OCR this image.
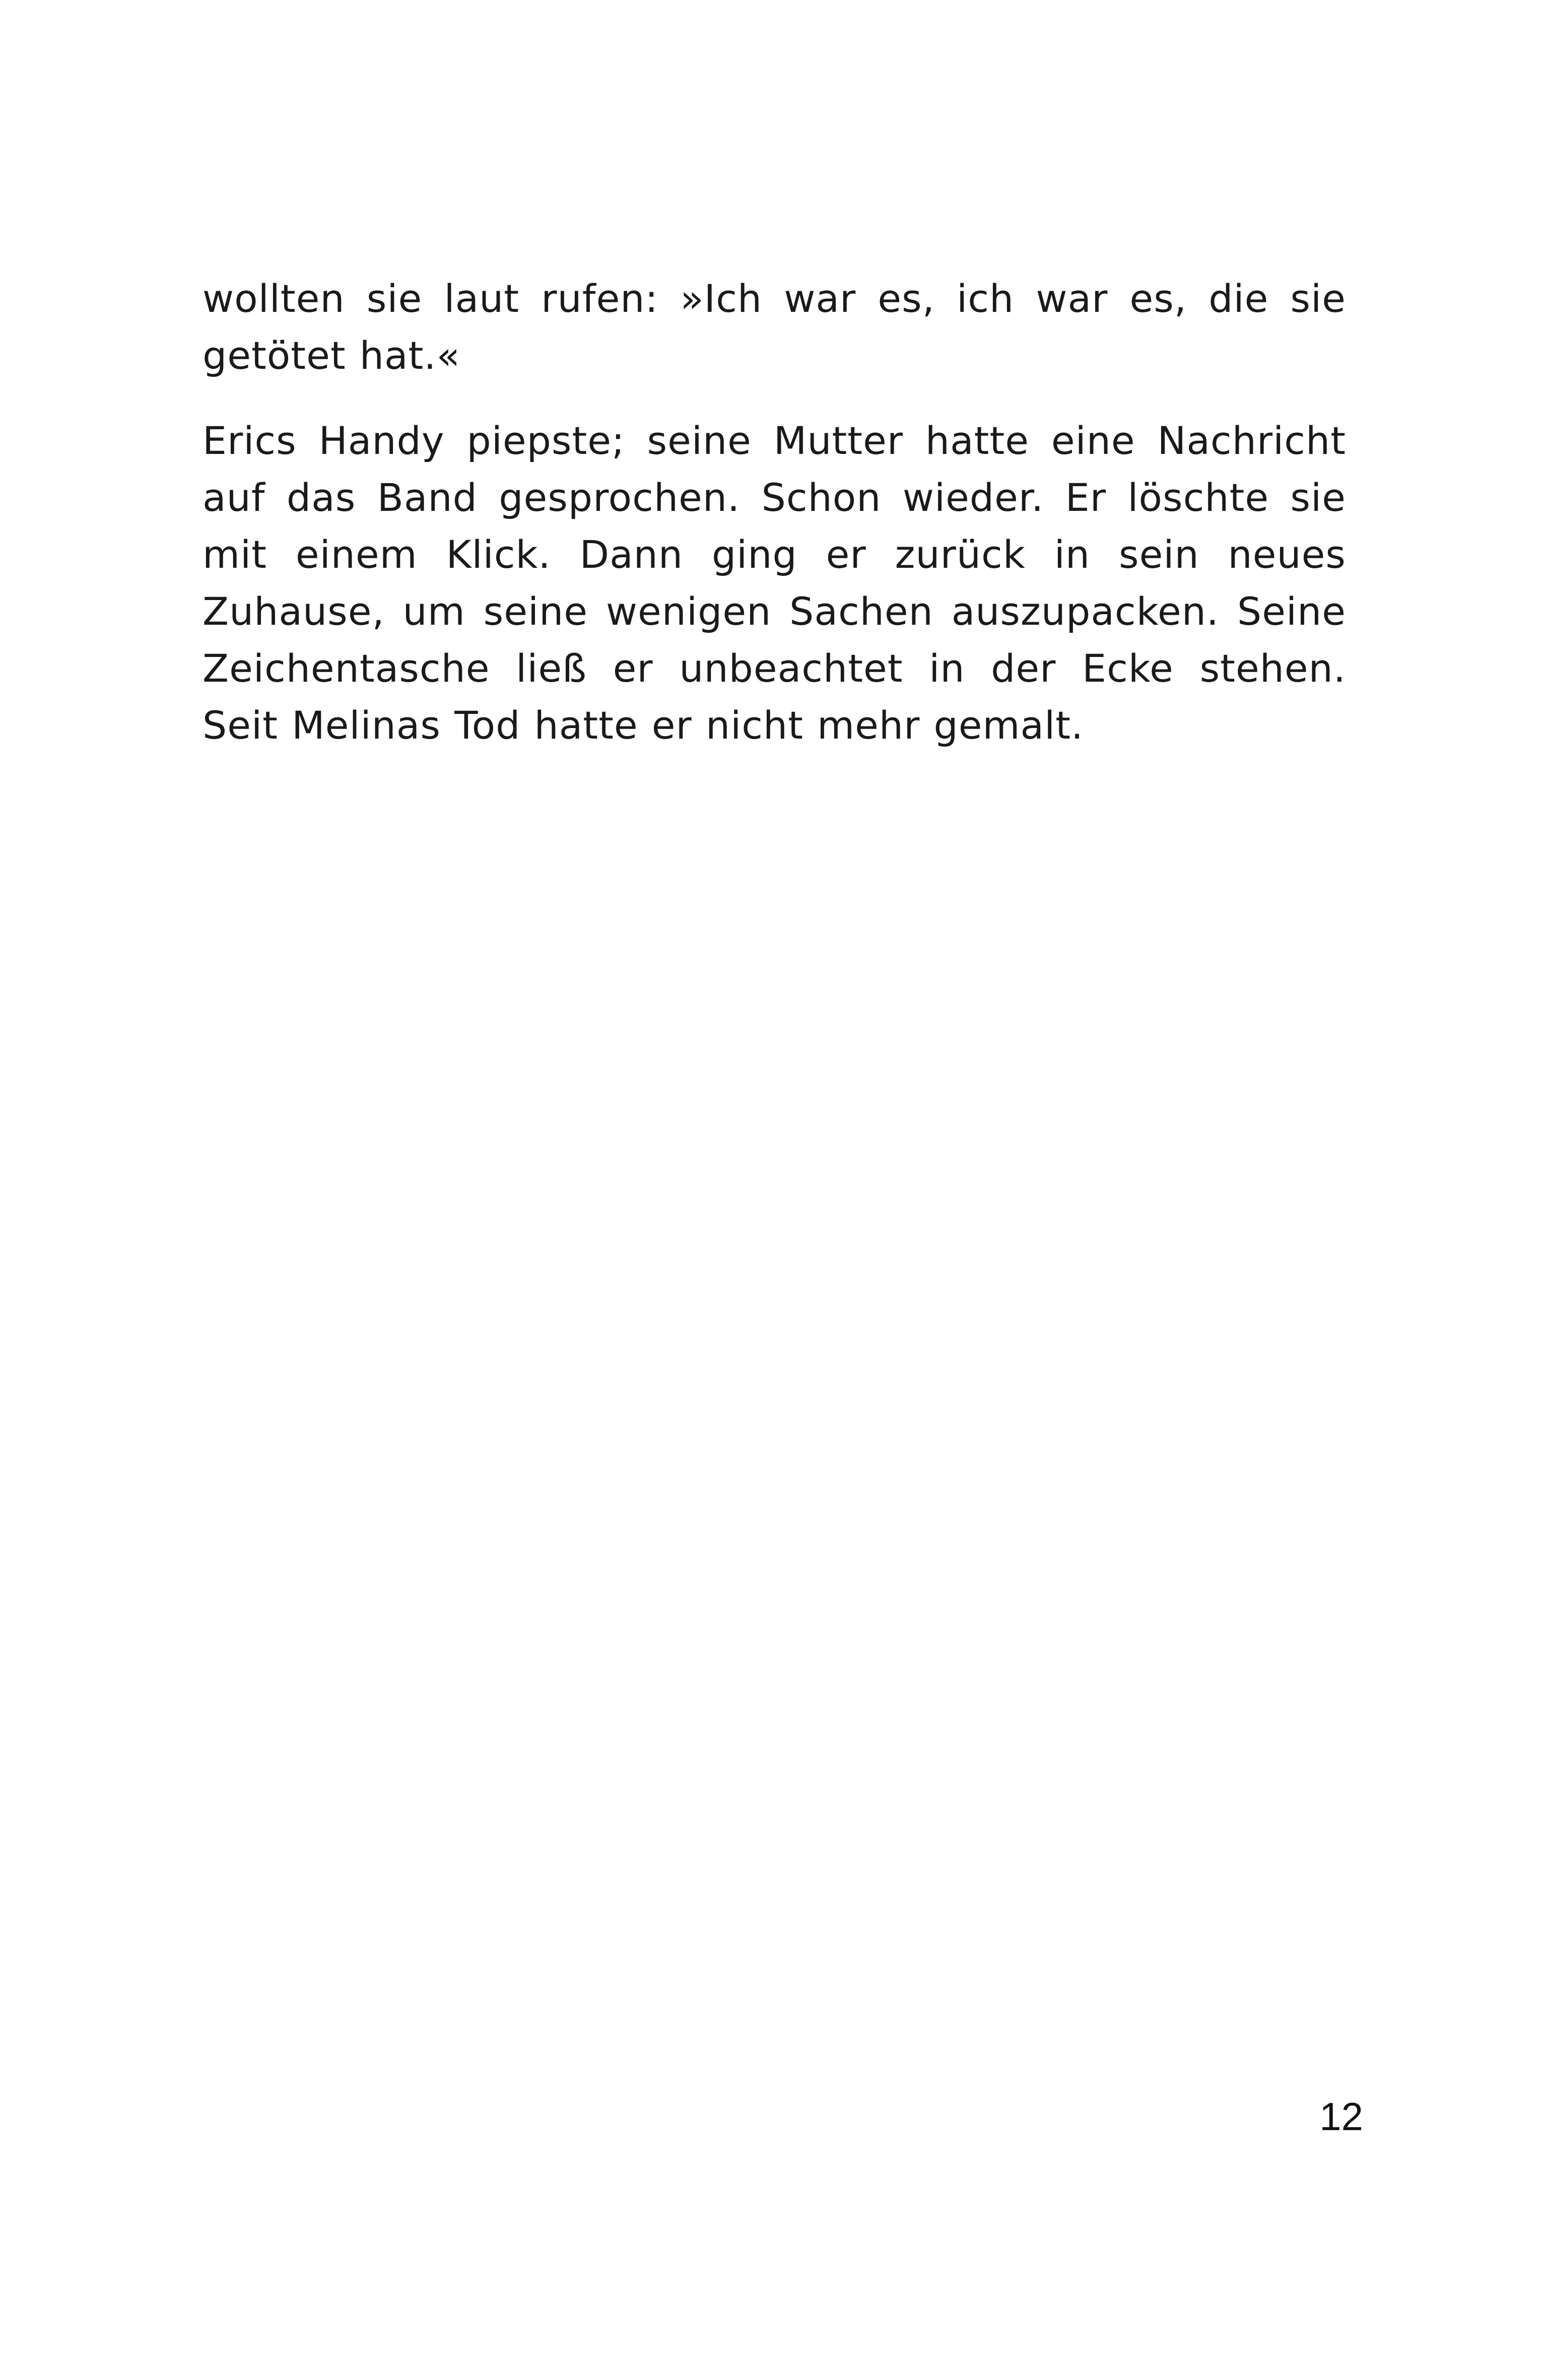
wollten sie laut rufen: »Ich war es, ich war es, die sie getötet hat.«

Erics Handy piepste; seine Mutter hatte eine Nachricht auf das Band gesprochen. Schon wieder. Er löschte sie mit einem Klick. Dann ging er zurück in sein neues Zuhause, um seine wenigen Sachen auszupacken. Seine Zeichentasche ließ er unbeachtet in der Ecke stehen. Seit Melinas Tod hatte er nicht mehr gemalt.

12
